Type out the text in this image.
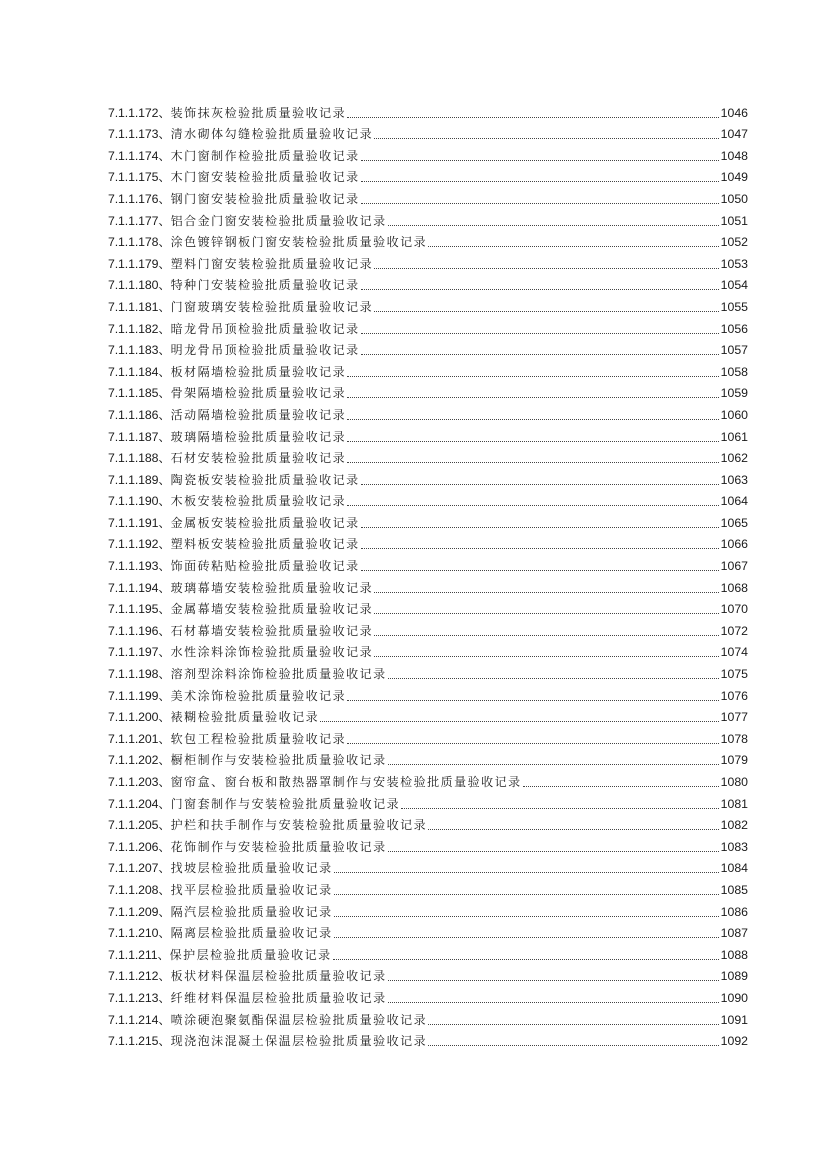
7.1.1.172、 装饰抹灰检验批质量验收记录	1046
7.1.1.173、 清水砌体勾缝检验批质量验收记录	1047
7.1.1.174、 木门窗制作检验批质量验收记录	1048
7.1.1.175、 木门窗安装检验批质量验收记录	1049
7.1.1.176、 钢门窗安装检验批质量验收记录	1050
7.1.1.177、 铝合金门窗安装检验批质量验收记录	1051
7.1.1.178、 涂色镀锌钢板门窗安装检验批质量验收记录	1052
7.1.1.179、 塑料门窗安装检验批质量验收记录	1053
7.1.1.180、 特种门安装检验批质量验收记录	1054
7.1.1.181、 门窗玻璃安装检验批质量验收记录	1055
7.1.1.182、 暗龙骨吊顶检验批质量验收记录	1056
7.1.1.183、 明龙骨吊顶检验批质量验收记录	1057
7.1.1.184、 板材隔墙检验批质量验收记录	1058
7.1.1.185、 骨架隔墙检验批质量验收记录	1059
7.1.1.186、 活动隔墙检验批质量验收记录	1060
7.1.1.187、 玻璃隔墙检验批质量验收记录	1061
7.1.1.188、 石材安装检验批质量验收记录	1062
7.1.1.189、 陶瓷板安装检验批质量验收记录	1063
7.1.1.190、 木板安装检验批质量验收记录	1064
7.1.1.191、 金属板安装检验批质量验收记录	1065
7.1.1.192、 塑料板安装检验批质量验收记录	1066
7.1.1.193、 饰面砖粘贴检验批质量验收记录	1067
7.1.1.194、 玻璃幕墙安装检验批质量验收记录	1068
7.1.1.195、 金属幕墙安装检验批质量验收记录	1070
7.1.1.196、 石材幕墙安装检验批质量验收记录	1072
7.1.1.197、 水性涂料涂饰检验批质量验收记录	1074
7.1.1.198、 溶剂型涂料涂饰检验批质量验收记录	1075
7.1.1.199、 美术涂饰检验批质量验收记录	1076
7.1.1.200、 裱糊检验批质量验收记录	1077
7.1.1.201、 软包工程检验批质量验收记录	1078
7.1.1.202、 橱柜制作与安装检验批质量验收记录	1079
7.1.1.203、 窗帘盒、窗台板和散热器罩制作与安装检验批质量验收记录	1080
7.1.1.204、 门窗套制作与安装检验批质量验收记录	1081
7.1.1.205、 护栏和扶手制作与安装检验批质量验收记录	1082
7.1.1.206、 花饰制作与安装检验批质量验收记录	1083
7.1.1.207、 找坡层检验批质量验收记录	1084
7.1.1.208、 找平层检验批质量验收记录	1085
7.1.1.209、 隔汽层检验批质量验收记录	1086
7.1.1.210、 隔离层检验批质量验收记录	1087
7.1.1.211、 保护层检验批质量验收记录	1088
7.1.1.212、 板状材料保温层检验批质量验收记录	1089
7.1.1.213、 纤维材料保温层检验批质量验收记录	1090
7.1.1.214、 喷涂硬泡聚氨酯保温层检验批质量验收记录	1091
7.1.1.215、 现浇泡沫混凝土保温层检验批质量验收记录	1092
